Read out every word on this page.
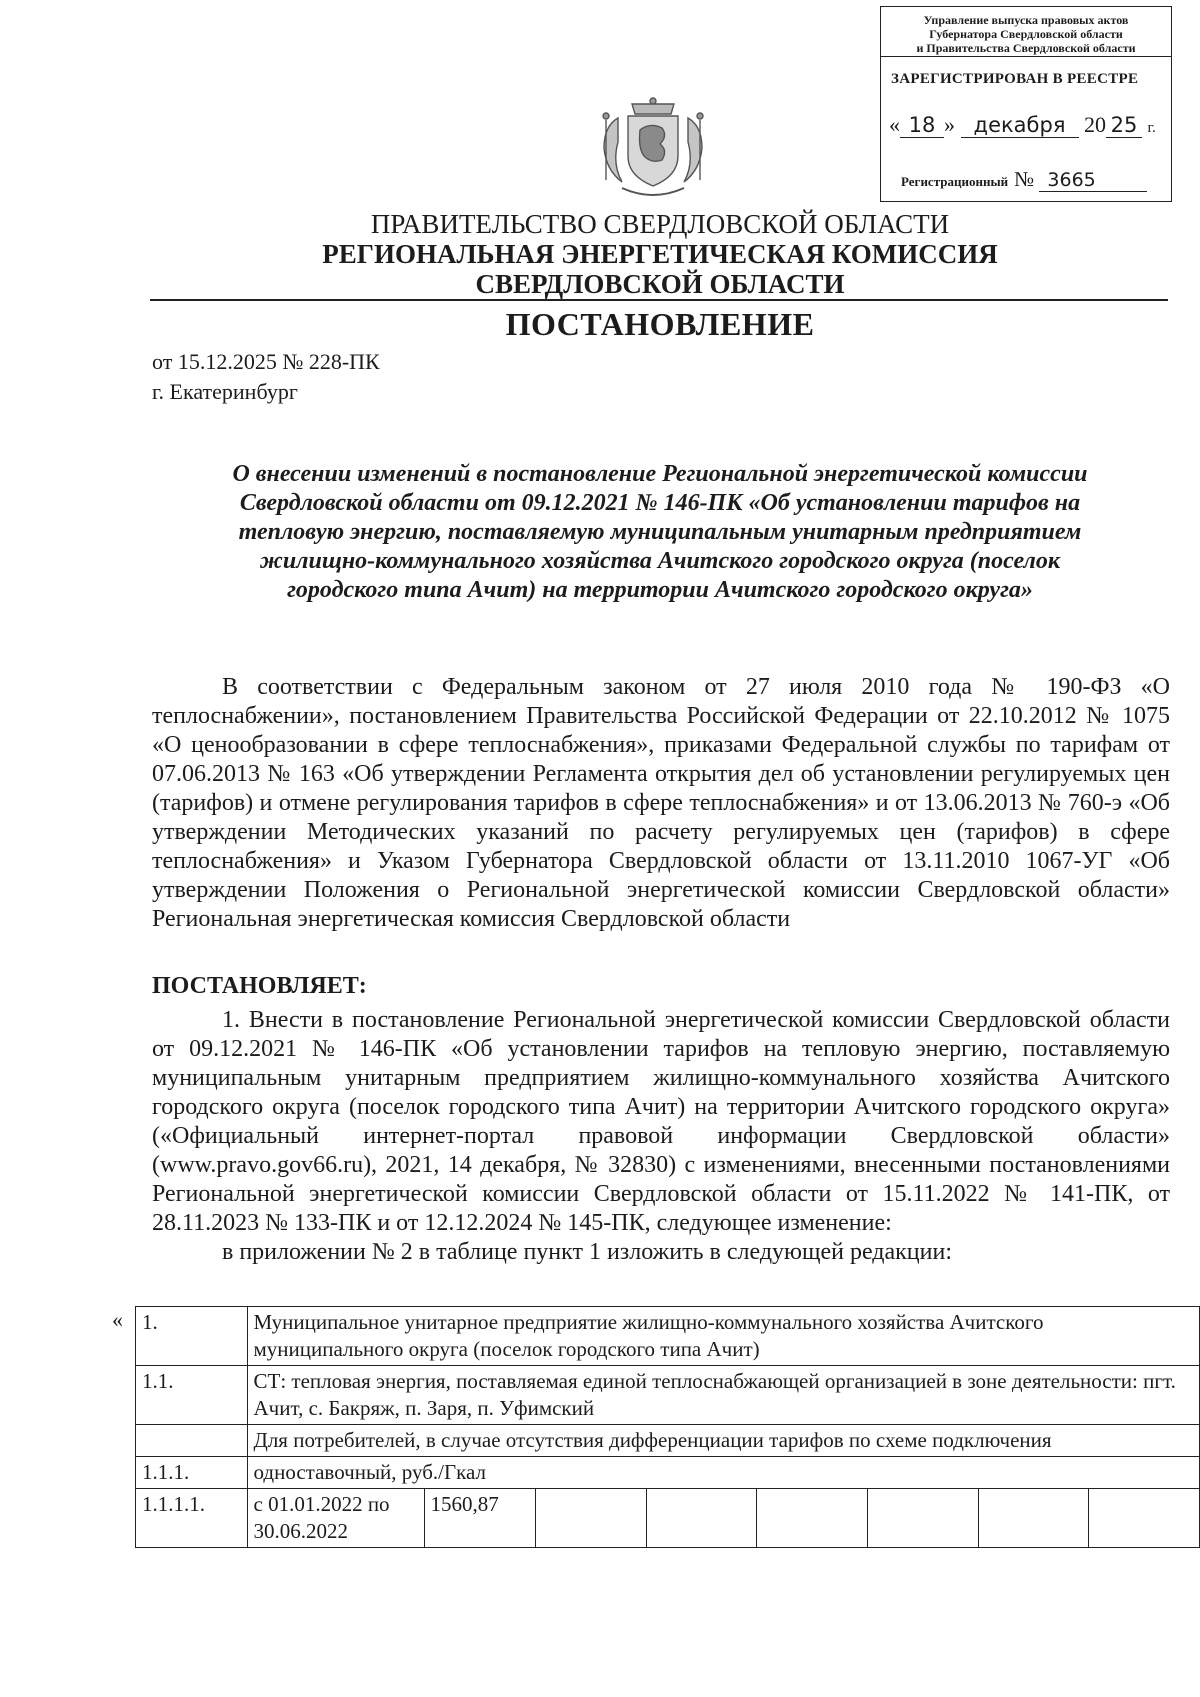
Управление выпуска правовых актов
Губернатора Свердловской области
и Правительства Свердловской области
ЗАРЕГИСТРИРОВАН В РЕЕСТРЕ
« 18 » декабря 20 25 г.
Регистрационный № 3665
ПРАВИТЕЛЬСТВО СВЕРДЛОВСКОЙ ОБЛАСТИ
РЕГИОНАЛЬНАЯ ЭНЕРГЕТИЧЕСКАЯ КОМИССИЯ
СВЕРДЛОВСКОЙ ОБЛАСТИ
ПОСТАНОВЛЕНИЕ
от 15.12.2025 № 228-ПК
г. Екатеринбург
О внесении изменений в постановление Региональной энергетической комиссии
Свердловской области от 09.12.2021 № 146-ПК «Об установлении тарифов на
тепловую энергию, поставляемую муниципальным унитарным предприятием
жилищно-коммунального хозяйства Ачитского городского округа (поселок
городского типа Ачит) на территории Ачитского городского округа»

В соответствии с Федеральным законом от 27 июля 2010 года № 190-ФЗ «О теплоснабжении», постановлением Правительства Российской Федерации от 22.10.2012 № 1075 «О ценообразовании в сфере теплоснабжения», приказами Федеральной службы по тарифам от 07.06.2013 № 163 «Об утверждении Регламента открытия дел об установлении регулируемых цен (тарифов) и отмене регулирования тарифов в сфере теплоснабжения» и от 13.06.2013 № 760-э «Об утверждении Методических указаний по расчету регулируемых цен (тарифов) в сфере теплоснабжения» и Указом Губернатора Свердловской области от 13.11.2010 1067-УГ «Об утверждении Положения о Региональной энергетической комиссии Свердловской области» Региональная энергетическая комиссия Свердловской области

ПОСТАНОВЛЯЕТ:

1. Внести в постановление Региональной энергетической комиссии Свердловской области от 09.12.2021 № 146-ПК «Об установлении тарифов на тепловую энергию, поставляемую муниципальным унитарным предприятием жилищно-коммунального хозяйства Ачитского городского округа (поселок городского типа Ачит) на территории Ачитского городского округа» («Официальный интернет-портал правовой информации Свердловской области» (www.pravo.gov66.ru), 2021, 14 декабря, № 32830) с изменениями, внесенными постановлениями Региональной энергетической комиссии Свердловской области от 15.11.2022 № 141-ПК, от 28.11.2023 № 133-ПК и от 12.12.2024 № 145-ПК, следующее изменение:

в приложении № 2 в таблице пункт 1 изложить в следующей редакции:

« 1.	Муниципальное унитарное предприятие жилищно-коммунального хозяйства Ачитского муниципального округа (поселок городского типа Ачит)							
1.1.	СТ: тепловая энергия, поставляемая единой теплоснабжающей организацией в зоне деятельности: пгт. Ачит, с. Бакряж, п. Заря, п. Уфимский							
	Для потребителей, в случае отсутствия дифференциации тарифов по схеме подключения							
1.1.1.	одноставочный, руб./Гкал							
1.1.1.1.	с 01.01.2022 по 30.06.2022	1560,87						
